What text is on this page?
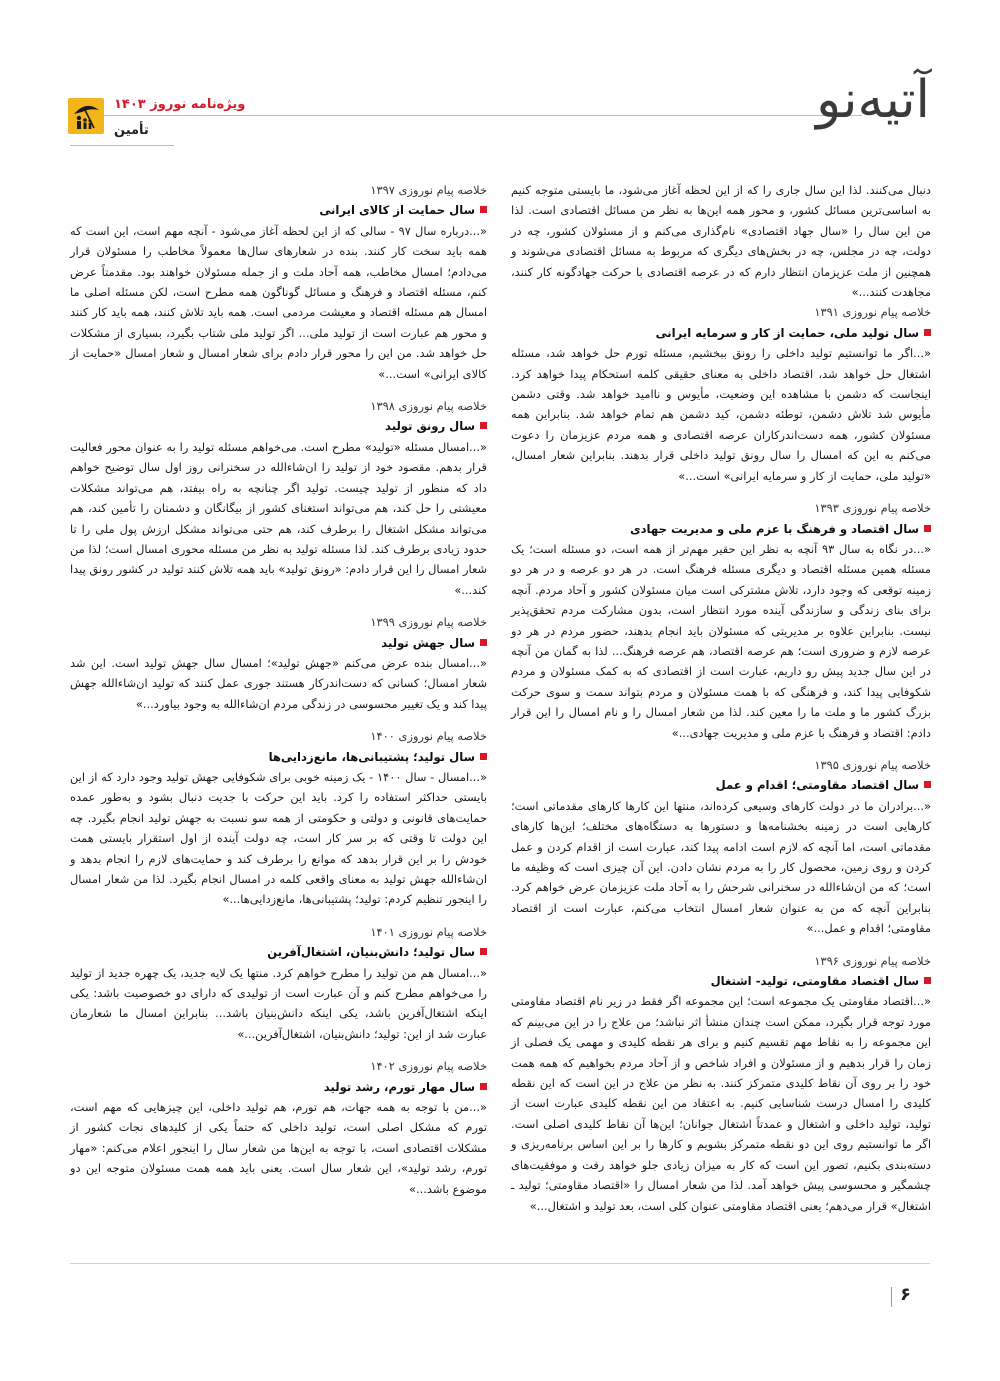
ویژه‌نامه نوروز ۱۴۰۳
تأمین
آتیه‌نو

دنبال می‌کنند. لذا این سال جاری را که از این لحظه آغاز می‌شود، ما بایستی متوجه کنیم به اساسی‌ترین مسائل کشور، و محور همه این‌ها به نظر من مسائل اقتصادی است. لذا من این سال را «سال جهاد اقتصادی» نام‌گذاری می‌کنم و از مسئولان کشور، چه در دولت، چه در مجلس، چه در بخش‌های دیگری که مربوط به مسائل اقتصادی می‌شوند و همچنین از ملت عزیزمان انتظار دارم که در عرصه اقتصادی با حرکت جهادگونه کار کنند، مجاهدت کنند...»

خلاصه پیام نوروزی ۱۳۹۱
سال تولید ملی، حمایت از کار و سرمایه ایرانی

«...اگر ما توانستیم تولید داخلی را رونق ببخشیم، مسئله تورم حل خواهد شد، مسئله اشتغال حل خواهد شد، اقتصاد داخلی به معنای حقیقی کلمه استحکام پیدا خواهد کرد. اینجاست که دشمن با مشاهده این وضعیت، مأیوس و ناامید خواهد شد. وقتی دشمن مأیوس شد تلاش دشمن، توطئه دشمن، کید دشمن هم تمام خواهد شد. بنابراین همه مسئولان کشور، همه دست‌اندرکاران عرصه اقتصادی و همه مردم عزیزمان را دعوت می‌کنم به این که امسال را سال رونق تولید داخلی قرار بدهند. بنابراین شعار امسال، «تولید ملی، حمایت از کار و سرمایه ایرانی» است...»

خلاصه پیام نوروزی ۱۳۹۳
سال اقتصاد و فرهنگ با عزم ملی و مدیریت جهادی

«...در نگاه به سال ۹۳ آنچه به نظر این حقیر مهم‌تر از همه است، دو مسئله است؛ یک مسئله همین مسئله اقتصاد و دیگری مسئله فرهنگ است. در هر دو عرصه و در هر دو زمینه توقعی که وجود دارد، تلاش مشترکی است میان مسئولان کشور و آحاد مردم. آنچه برای بنای زندگی و سازندگی آینده مورد انتظار است، بدون مشارکت مردم تحقق‌پذیر نیست. بنابراین علاوه بر مدیریتی که مسئولان باید انجام بدهند، حضور مردم در هر دو عرصه لازم و ضروری است؛ هم عرصه اقتصاد، هم عرصه فرهنگ... لذا به گمان من آنچه در این سال جدید پیش رو داریم، عبارت است از اقتصادی که به کمک مسئولان و مردم شکوفایی پیدا کند، و فرهنگی که با همت مسئولان و مردم بتواند سمت و سوی حرکت بزرگ کشور ما و ملت ما را معین کند. لذا من شعار امسال را و نام امسال را این قرار دادم: اقتصاد و فرهنگ با عزم ملی و مدیریت جهادی...»

خلاصه پیام نوروزی ۱۳۹۵
سال اقتصاد مقاومتی؛ اقدام و عمل

«...برادران ما در دولت کارهای وسیعی کرده‌اند، منتها این کارها کارهای مقدماتی است؛ کارهایی است در زمینه بخشنامه‌ها و دستورها به دستگاه‌های مختلف؛ این‌ها کارهای مقدماتی است، اما آنچه که لازم است ادامه پیدا کند، عبارت است از اقدام کردن و عمل کردن و روی زمین، محصول کار را به مردم نشان دادن. این آن چیزی است که وظیفه ما است؛ که من ان‌شاءالله در سخنرانی شرحش را به آحاد ملت عزیزمان عرض خواهم کرد. بنابراین آنچه که من به عنوان شعار امسال انتخاب می‌کنم، عبارت است از اقتصاد مقاومتی؛ اقدام و عمل...»

خلاصه پیام نوروزی ۱۳۹۶
سال اقتصاد مقاومتی، تولید- اشتغال

«...اقتصاد مقاومتی یک مجموعه است؛ این مجموعه اگر فقط در زیر نام اقتصاد مقاومتی مورد توجه قرار بگیرد، ممکن است چندان منشأ اثر نباشد؛ من علاج را در این می‌بینم که این مجموعه را به نقاط مهم تقسیم کنیم و برای هر نقطه کلیدی و مهمی یک فصلی از زمان را قرار بدهیم و از مسئولان و افراد شاخص و از آحاد مردم بخواهیم که همه همت خود را بر روی آن نقاط کلیدی متمرکز کنند. به نظر من علاج در این است که این نقطه کلیدی را امسال درست شناسایی کنیم. به اعتقاد من این نقطه کلیدی عبارت است از تولید، تولید داخلی و اشتغال و عمدتاً اشتغال جوانان؛ این‌ها آن نقاط کلیدی اصلی است. اگر ما توانستیم روی این دو نقطه متمرکز بشویم و کارها را بر این اساس برنامه‌ریزی و دسته‌بندی بکنیم، تصور این است که کار به میزان زیادی جلو خواهد رفت و موفقیت‌های چشمگیر و محسوسی پیش خواهد آمد. لذا من شعار امسال را «اقتصاد مقاومتی؛ تولید ـ اشتغال» قرار می‌دهم؛ یعنی اقتصاد مقاومتی عنوان کلی است، بعد تولید و اشتغال...»

خلاصه پیام نوروزی ۱۳۹۷
سال حمایت از کالای ایرانی

«...درباره سال ۹۷ - سالی که از این لحظه آغاز می‌شود - آنچه مهم است، این است که همه باید سخت کار کنند. بنده در شعارهای سال‌ها معمولاً مخاطب را مسئولان قرار می‌دادم؛ امسال مخاطب، همه آحاد ملت و از جمله مسئولان خواهند بود. مقدمتاً عرض کنم، مسئله اقتصاد و فرهنگ و مسائل گوناگون همه مطرح است، لکن مسئله اصلی ما امسال هم مسئله اقتصاد و معیشت مردمی است. همه باید تلاش کنند، همه باید کار کنند و محور هم عبارت است از تولید ملی... اگر تولید ملی شتاب بگیرد، بسیاری از مشکلات حل خواهد شد. من این را محور قرار دادم برای شعار امسال و شعار امسال «حمایت از کالای ایرانی» است...»

خلاصه پیام نوروزی ۱۳۹۸
سال رونق تولید

«...امسال مسئله «تولید» مطرح است. می‌خواهم مسئله تولید را به عنوان محور فعالیت قرار بدهم. مقصود خود از تولید را ان‌شاءالله در سخنرانی روز اول سال توضیح خواهم داد که منظور از تولید چیست. تولید اگر چنانچه به راه بیفتد، هم می‌تواند مشکلات معیشتی را حل کند، هم می‌تواند استغنای کشور از بیگانگان و دشمنان را تأمین کند، هم می‌تواند مشکل اشتغال را برطرف کند، هم حتی می‌تواند مشکل ارزش پول ملی را تا حدود زیادی برطرف کند. لذا مسئله تولید به نظر من مسئله محوری امسال است؛ لذا من شعار امسال را این قرار دادم: «رونق تولید» باید همه تلاش کنند تولید در کشور رونق پیدا کند...»

خلاصه پیام نوروزی ۱۳۹۹
سال جهش تولید

«...امسال بنده عرض می‌کنم «جهش تولید»؛ امسال سال جهش تولید است. این شد شعار امسال؛ کسانی که دست‌اندرکار هستند جوری عمل کنند که تولید ان‌شاءالله جهش پیدا کند و یک تغییر محسوسی در زندگی مردم ان‌شاءالله به وجود بیاورد...»

خلاصه پیام نوروزی ۱۴۰۰
سال تولید؛ پشتیبانی‌ها، مانع‌زدایی‌ها

«...امسال - سال ۱۴۰۰ - یک زمینه خوبی برای شکوفایی جهش تولید وجود دارد که از این بایستی حداکثر استفاده را کرد. باید این حرکت با جدیت دنبال بشود و به‌طور عمده حمایت‌های قانونی و دولتی و حکومتی از همه سو نسبت به جهش تولید انجام بگیرد. چه این دولت تا وقتی که بر سر کار است، چه دولت آینده از اول استقرار بایستی همت خودش را بر این قرار بدهد که موانع را برطرف کند و حمایت‌های لازم را انجام بدهد و ان‌شاءالله جهش تولید به معنای واقعی کلمه در امسال انجام بگیرد. لذا من شعار امسال را اینجور تنظیم کردم: تولید؛ پشتیبانی‌ها، مانع‌زدایی‌ها...»

خلاصه پیام نوروزی ۱۴۰۱
سال تولید؛ دانش‌بنیان، اشتغال‌آفرین

«...امسال هم من تولید را مطرح خواهم کرد. منتها یک لایه جدید، یک چهره جدید از تولید را می‌خواهم مطرح کنم و آن عبارت است از تولیدی که دارای دو خصوصیت باشد: یکی اینکه اشتغال‌آفرین باشد، یکی اینکه دانش‌بنیان باشد... بنابراین امسال ما شعارمان عبارت شد از این: تولید؛ دانش‌بنیان، اشتغال‌آفرین...»

خلاصه پیام نوروزی ۱۴۰۲
سال مهار تورم، رشد تولید

«...من با توجه به همه جهات، هم تورم، هم تولید داخلی، این چیزهایی که مهم است، تورم که مشکل اصلی است، تولید داخلی که حتماً یکی از کلیدهای نجات کشور از مشکلات اقتصادی است، با توجه به این‌ها من شعار سال را اینجور اعلام می‌کنم: «مهار تورم، رشد تولید»، این شعار سال است. یعنی باید همه همت مسئولان متوجه این دو موضوع باشد...»

۶
